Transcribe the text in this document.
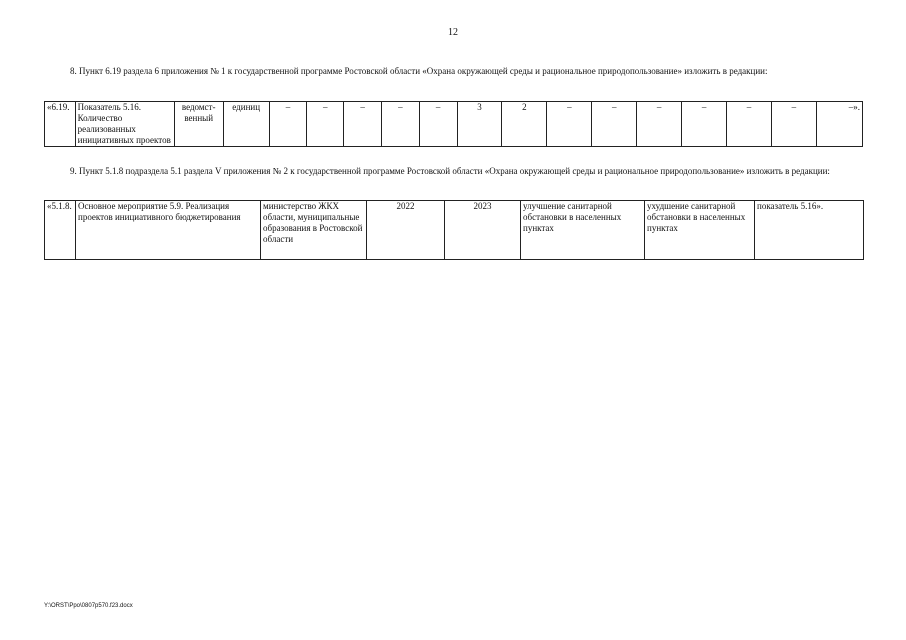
12
8. Пункт 6.19 раздела 6 приложения № 1 к государственной программе Ростовской области «Охрана окружающей среды и рациональное природопользование» изложить в редакции:
«6.19.	Показатель 5.16. Количество реализованных инициативных проектов	ведомст-венный	единиц	–	–	–	–	–	3	2	–	–	–	–	–	–	–».
9. Пункт 5.1.8 подраздела 5.1 раздела V приложения № 2 к государственной программе Ростовской области «Охрана окружающей среды и рациональное природопользование» изложить в редакции:
«5.1.8.	Основное мероприятие 5.9. Реализация проектов инициативного бюджетирования	министерство ЖКХ области, муниципальные образования в Ростовской области	2022	2023	улучшение санитарной обстановки в населенных пунктах	ухудшение санитарной обстановки в населенных пунктах	показатель 5.16».
Y:\ORST\Ppo\0807p570.f23.docx
